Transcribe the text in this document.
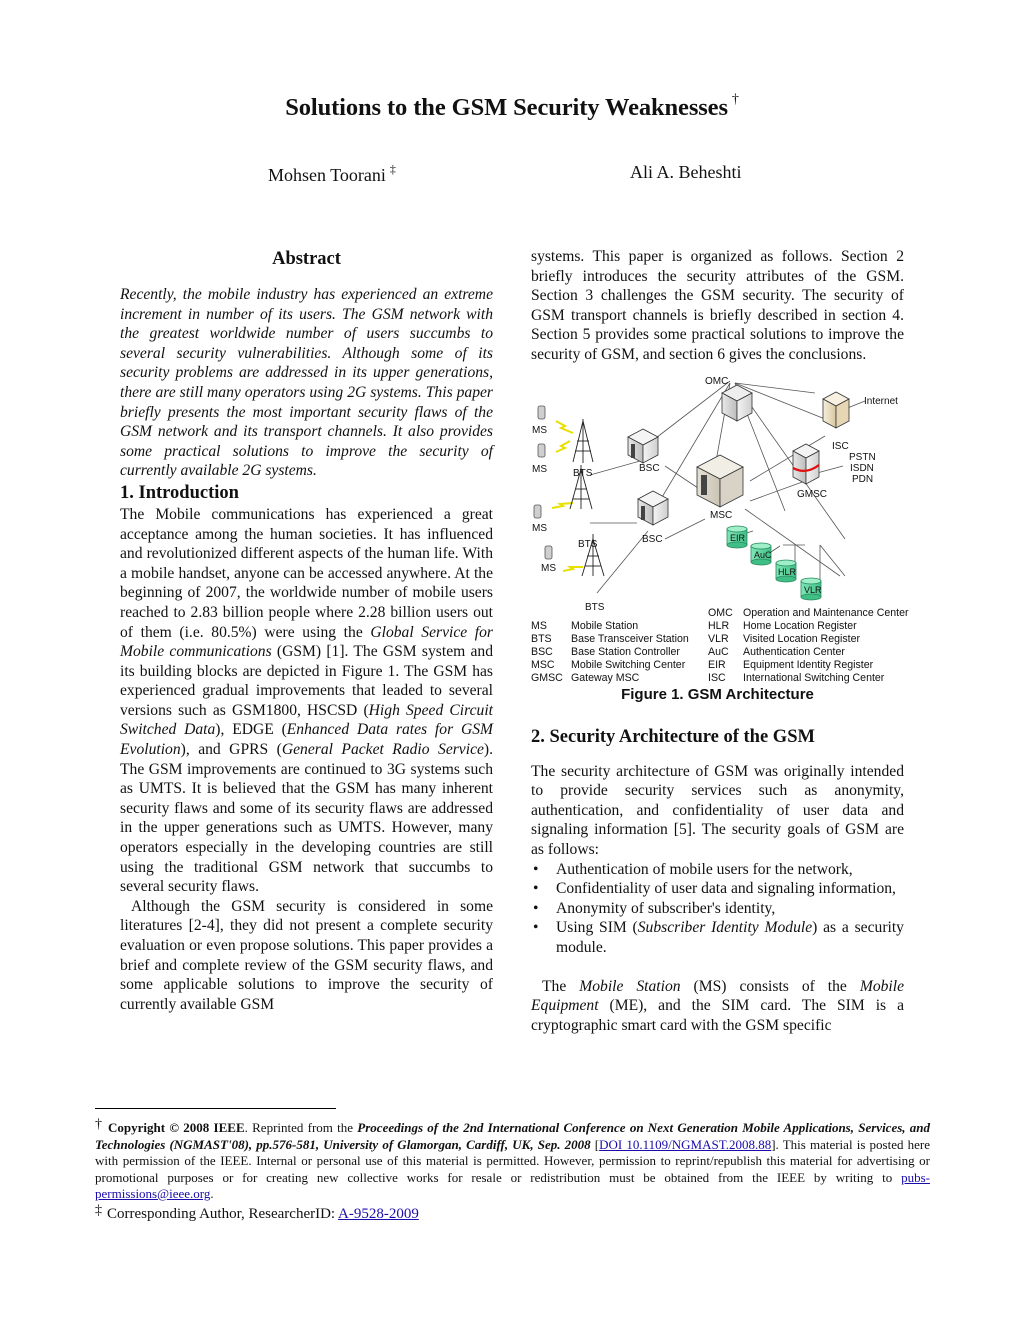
Solutions to the GSM Security Weaknesses †
Mohsen Toorani ‡	Ali A. Beheshti
Abstract

Recently, the mobile industry has experienced an extreme increment in number of its users. The GSM network with the greatest worldwide number of users succumbs to several security vulnerabilities. Although some of its security problems are addressed in its upper generations, there are still many operators using 2G systems. This paper briefly presents the most important security flaws of the GSM network and its transport channels. It also provides some practical solutions to improve the security of currently available 2G systems.

1. Introduction

The Mobile communications has experienced a great acceptance among the human societies. It has influenced and revolutionized different aspects of the human life. With a mobile handset, anyone can be accessed anywhere. At the beginning of 2007, the worldwide number of mobile users reached to 2.83 billion people where 2.28 billion users out of them (i.e. 80.5%) were using the Global Service for Mobile communications (GSM) [1]. The GSM system and its building blocks are depicted in Figure 1. The GSM has experienced gradual improvements that leaded to several versions such as GSM1800, HSCSD (High Speed Circuit Switched Data), EDGE (Enhanced Data rates for GSM Evolution), and GPRS (General Packet Radio Service). The GSM improvements are continued to 3G systems such as UMTS. It is believed that the GSM has many inherent security flaws and some of its security flaws are addressed in the upper generations such as UMTS. However, many operators especially in the developing countries are still using the traditional GSM network that succumbs to several security flaws.

Although the GSM security is considered in some literatures [2-4], they did not present a complete security evaluation or even propose solutions. This paper provides a brief and complete review of the GSM security flaws, and some applicable solutions to improve the security of currently available GSM

systems. This paper is organized as follows. Section 2 briefly introduces the security attributes of the GSM. Section 3 challenges the GSM security. The security of GSM transport channels is briefly described in section 4. Section 5 provides some practical solutions to improve the security of GSM, and section 6 gives the conclusions.

MS
MS
MS
MS
BTS
BTS
BTS
BSC
BSC
MSC
OMC
Internet
ISC
PSTN
ISDN
PDN
GMSC
EIR
AuC
HLR
VLR
MS	Mobile Station
BTS	Base Transceiver Station
BSC	Base Station Controller
MSC	Mobile Switching Center
GMSC Gateway MSC
OMC Operation and Maintenance Center
HLR	Home Location Register
VLR	Visited Location Register
AuC	Authentication Center
EIR	Equipment Identity Register
ISC	International Switching Center
Figure 1. GSM Architecture
2. Security Architecture of the GSM

The security architecture of GSM was originally intended to provide security services such as anonymity, authentication, and confidentiality of user data and signaling information [5]. The security goals of GSM are as follows:

• Authentication of mobile users for the network,
• Confidentiality of user data and signaling information,
• Anonymity of subscriber's identity,
• Using SIM (Subscriber Identity Module) as a security module.

The Mobile Station (MS) consists of the Mobile Equipment (ME), and the SIM card. The SIM is a cryptographic smart card with the GSM specific

† Copyright © 2008 IEEE. Reprinted from the Proceedings of the 2nd International Conference on Next Generation Mobile Applications, Services, and Technologies (NGMAST'08), pp.576-581, University of Glamorgan, Cardiff, UK, Sep. 2008 [DOI 10.1109/NGMAST.2008.88]. This material is posted here with permission of the IEEE. Internal or personal use of this material is permitted. However, permission to reprint/republish this material for advertising or promotional purposes or for creating new collective works for resale or redistribution must be obtained from the IEEE by writing to pubs-permissions@ieee.org.

‡ Corresponding Author, ResearcherID: A-9528-2009
